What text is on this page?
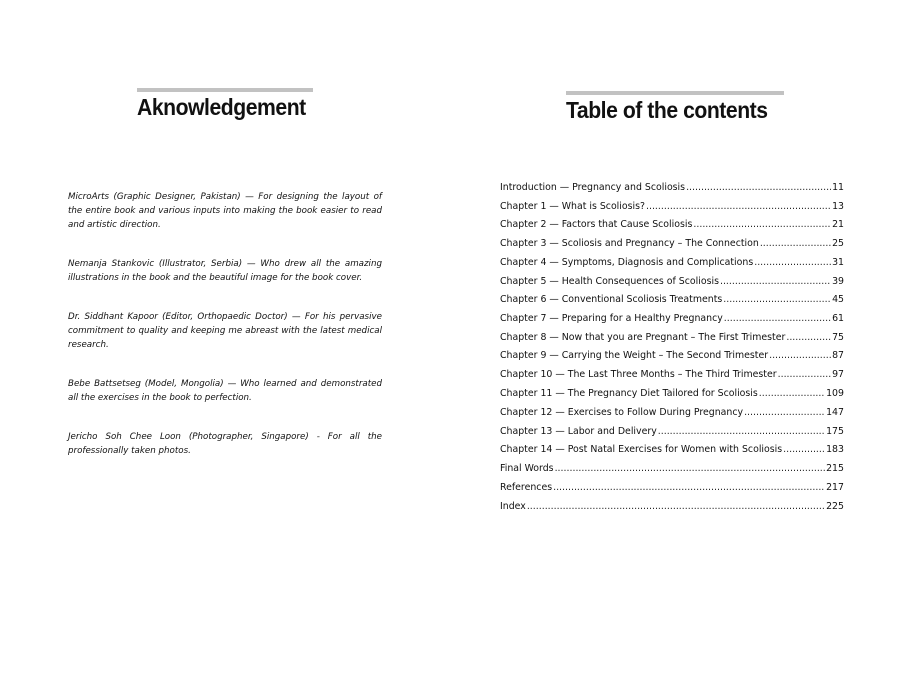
Aknowledgement

MicroArts (Graphic Designer, Pakistan) — For designing the layout of the entire book and various inputs into making the book easier to read and artistic direction.

Nemanja Stankovic (Illustrator, Serbia) — Who drew all the amazing illustrations in the book and the beautiful image for the book cover.

Dr. Siddhant Kapoor (Editor, Orthopaedic Doctor) — For his pervasive commitment to quality and keeping me abreast with the latest medical research.

Bebe Battsetseg (Model, Mongolia) — Who learned and demonstrated all the exercises in the book to perfection.

Jericho Soh Chee Loon (Photographer, Singapore) - For all the professionally taken photos.

Table of the contents
Introduction — Pregnancy and Scoliosis .....	11
Chapter 1 — What is Scoliosis? .....	13
Chapter 2 — Factors that Cause Scoliosis .....	21
Chapter 3 — Scoliosis and Pregnancy – The Connection .....	25
Chapter 4 — Symptoms, Diagnosis and Complications .....	31
Chapter 5 — Health Consequences of Scoliosis .....	39
Chapter 6 — Conventional Scoliosis Treatments .....	45
Chapter 7 — Preparing for a Healthy Pregnancy .....	61
Chapter 8 — Now that you are Pregnant – The First Trimester .....	75
Chapter 9 — Carrying the Weight – The Second Trimester .....	87
Chapter 10 — The Last Three Months – The Third Trimester .....	97
Chapter 11 — The Pregnancy Diet Tailored for Scoliosis .....	109
Chapter 12 — Exercises to Follow During Pregnancy .....	147
Chapter 13 — Labor and Delivery .....	175
Chapter 14 — Post Natal Exercises for Women with Scoliosis .....	183
Final Words .....	215
References .....	217
Index .....	225
